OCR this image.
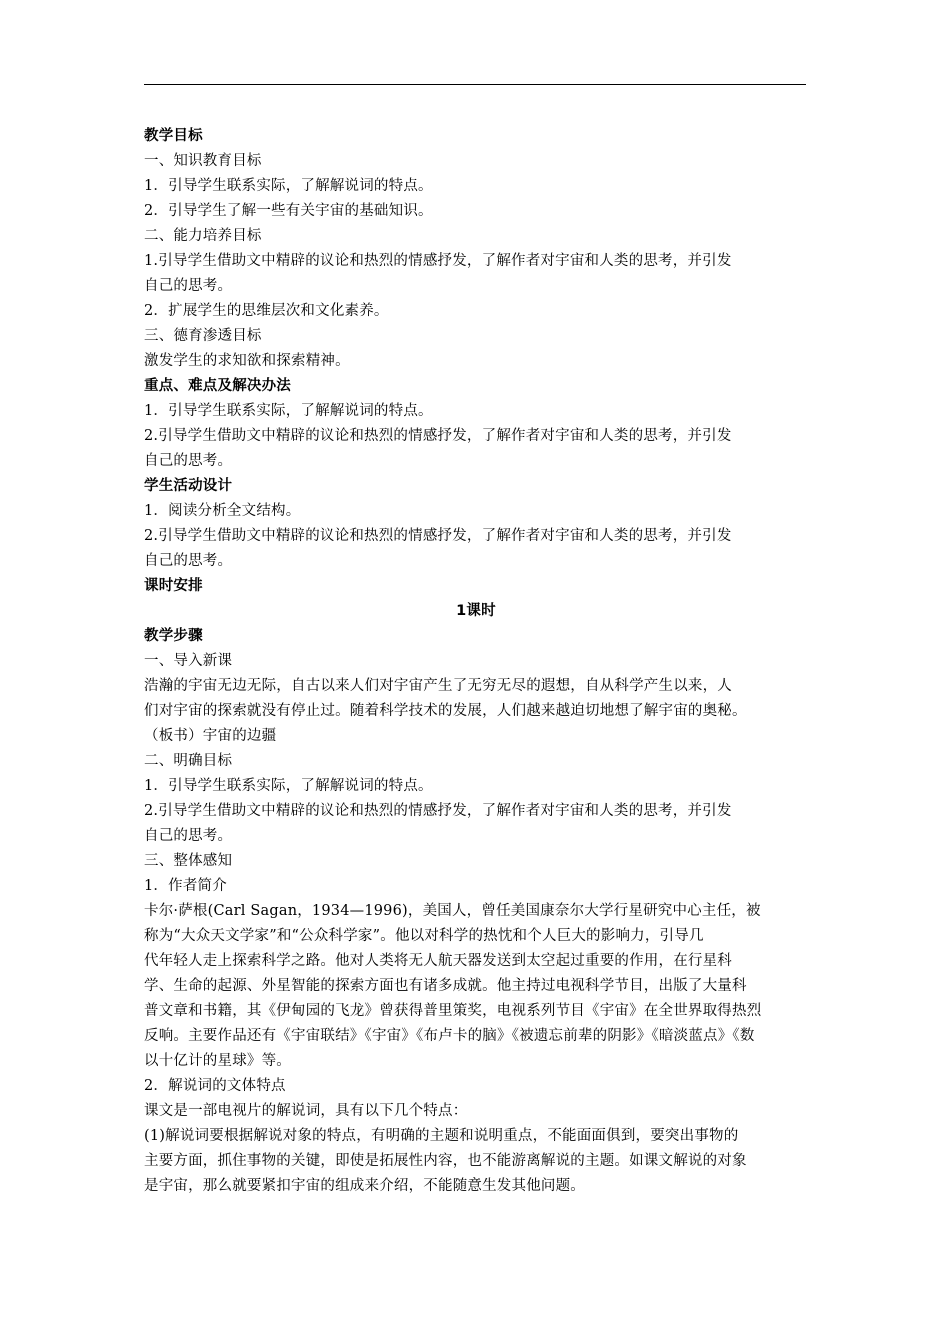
教学目标
一、知识教育目标
1．引导学生联系实际，了解解说词的特点。
2．引导学生了解一些有关宇宙的基础知识。
二、能力培养目标
1.引导学生借助文中精辟的议论和热烈的情感抒发，了解作者对宇宙和人类的思考，并引发
自己的思考。
2．扩展学生的思维层次和文化素养。
三、德育渗透目标
激发学生的求知欲和探索精神。
重点、难点及解决办法
1．引导学生联系实际，了解解说词的特点。
2.引导学生借助文中精辟的议论和热烈的情感抒发，了解作者对宇宙和人类的思考，并引发
自己的思考。
学生活动设计
1．阅读分析全文结构。
2.引导学生借助文中精辟的议论和热烈的情感抒发，了解作者对宇宙和人类的思考，并引发
自己的思考。
课时安排
1课时
教学步骤
一、导入新课
浩瀚的宇宙无边无际，自古以来人们对宇宙产生了无穷无尽的遐想，自从科学产生以来，人
们对宇宙的探索就没有停止过。随着科学技术的发展，人们越来越迫切地想了解宇宙的奥秘。
（板书）宇宙的边疆
二、明确目标
1．引导学生联系实际，了解解说词的特点。
2.引导学生借助文中精辟的议论和热烈的情感抒发，了解作者对宇宙和人类的思考，并引发
自己的思考。
三、整体感知
1．作者简介
卡尔·萨根(Carl Sagan，1934—1996)，美国人，曾任美国康奈尔大学行星研究中心主任，被
称为“大众天文学家”和“公众科学家”。他以对科学的热忱和个人巨大的影响力，引导几
代年轻人走上探索科学之路。他对人类将无人航天器发送到太空起过重要的作用，在行星科
学、生命的起源、外星智能的探索方面也有诸多成就。他主持过电视科学节目，出版了大量科
普文章和书籍，其《伊甸园的飞龙》曾获得普里策奖，电视系列节目《宇宙》在全世界取得热烈
反响。主要作品还有《宇宙联结》《宇宙》《布卢卡的脑》《被遗忘前辈的阴影》《暗淡蓝点》《数
以十亿计的星球》等。
2．解说词的文体特点
课文是一部电视片的解说词，具有以下几个特点：
(1)解说词要根据解说对象的特点，有明确的主题和说明重点，不能面面俱到，要突出事物的
主要方面，抓住事物的关键，即使是拓展性内容，也不能游离解说的主题。如课文解说的对象
是宇宙，那么就要紧扣宇宙的组成来介绍，不能随意生发其他问题。
